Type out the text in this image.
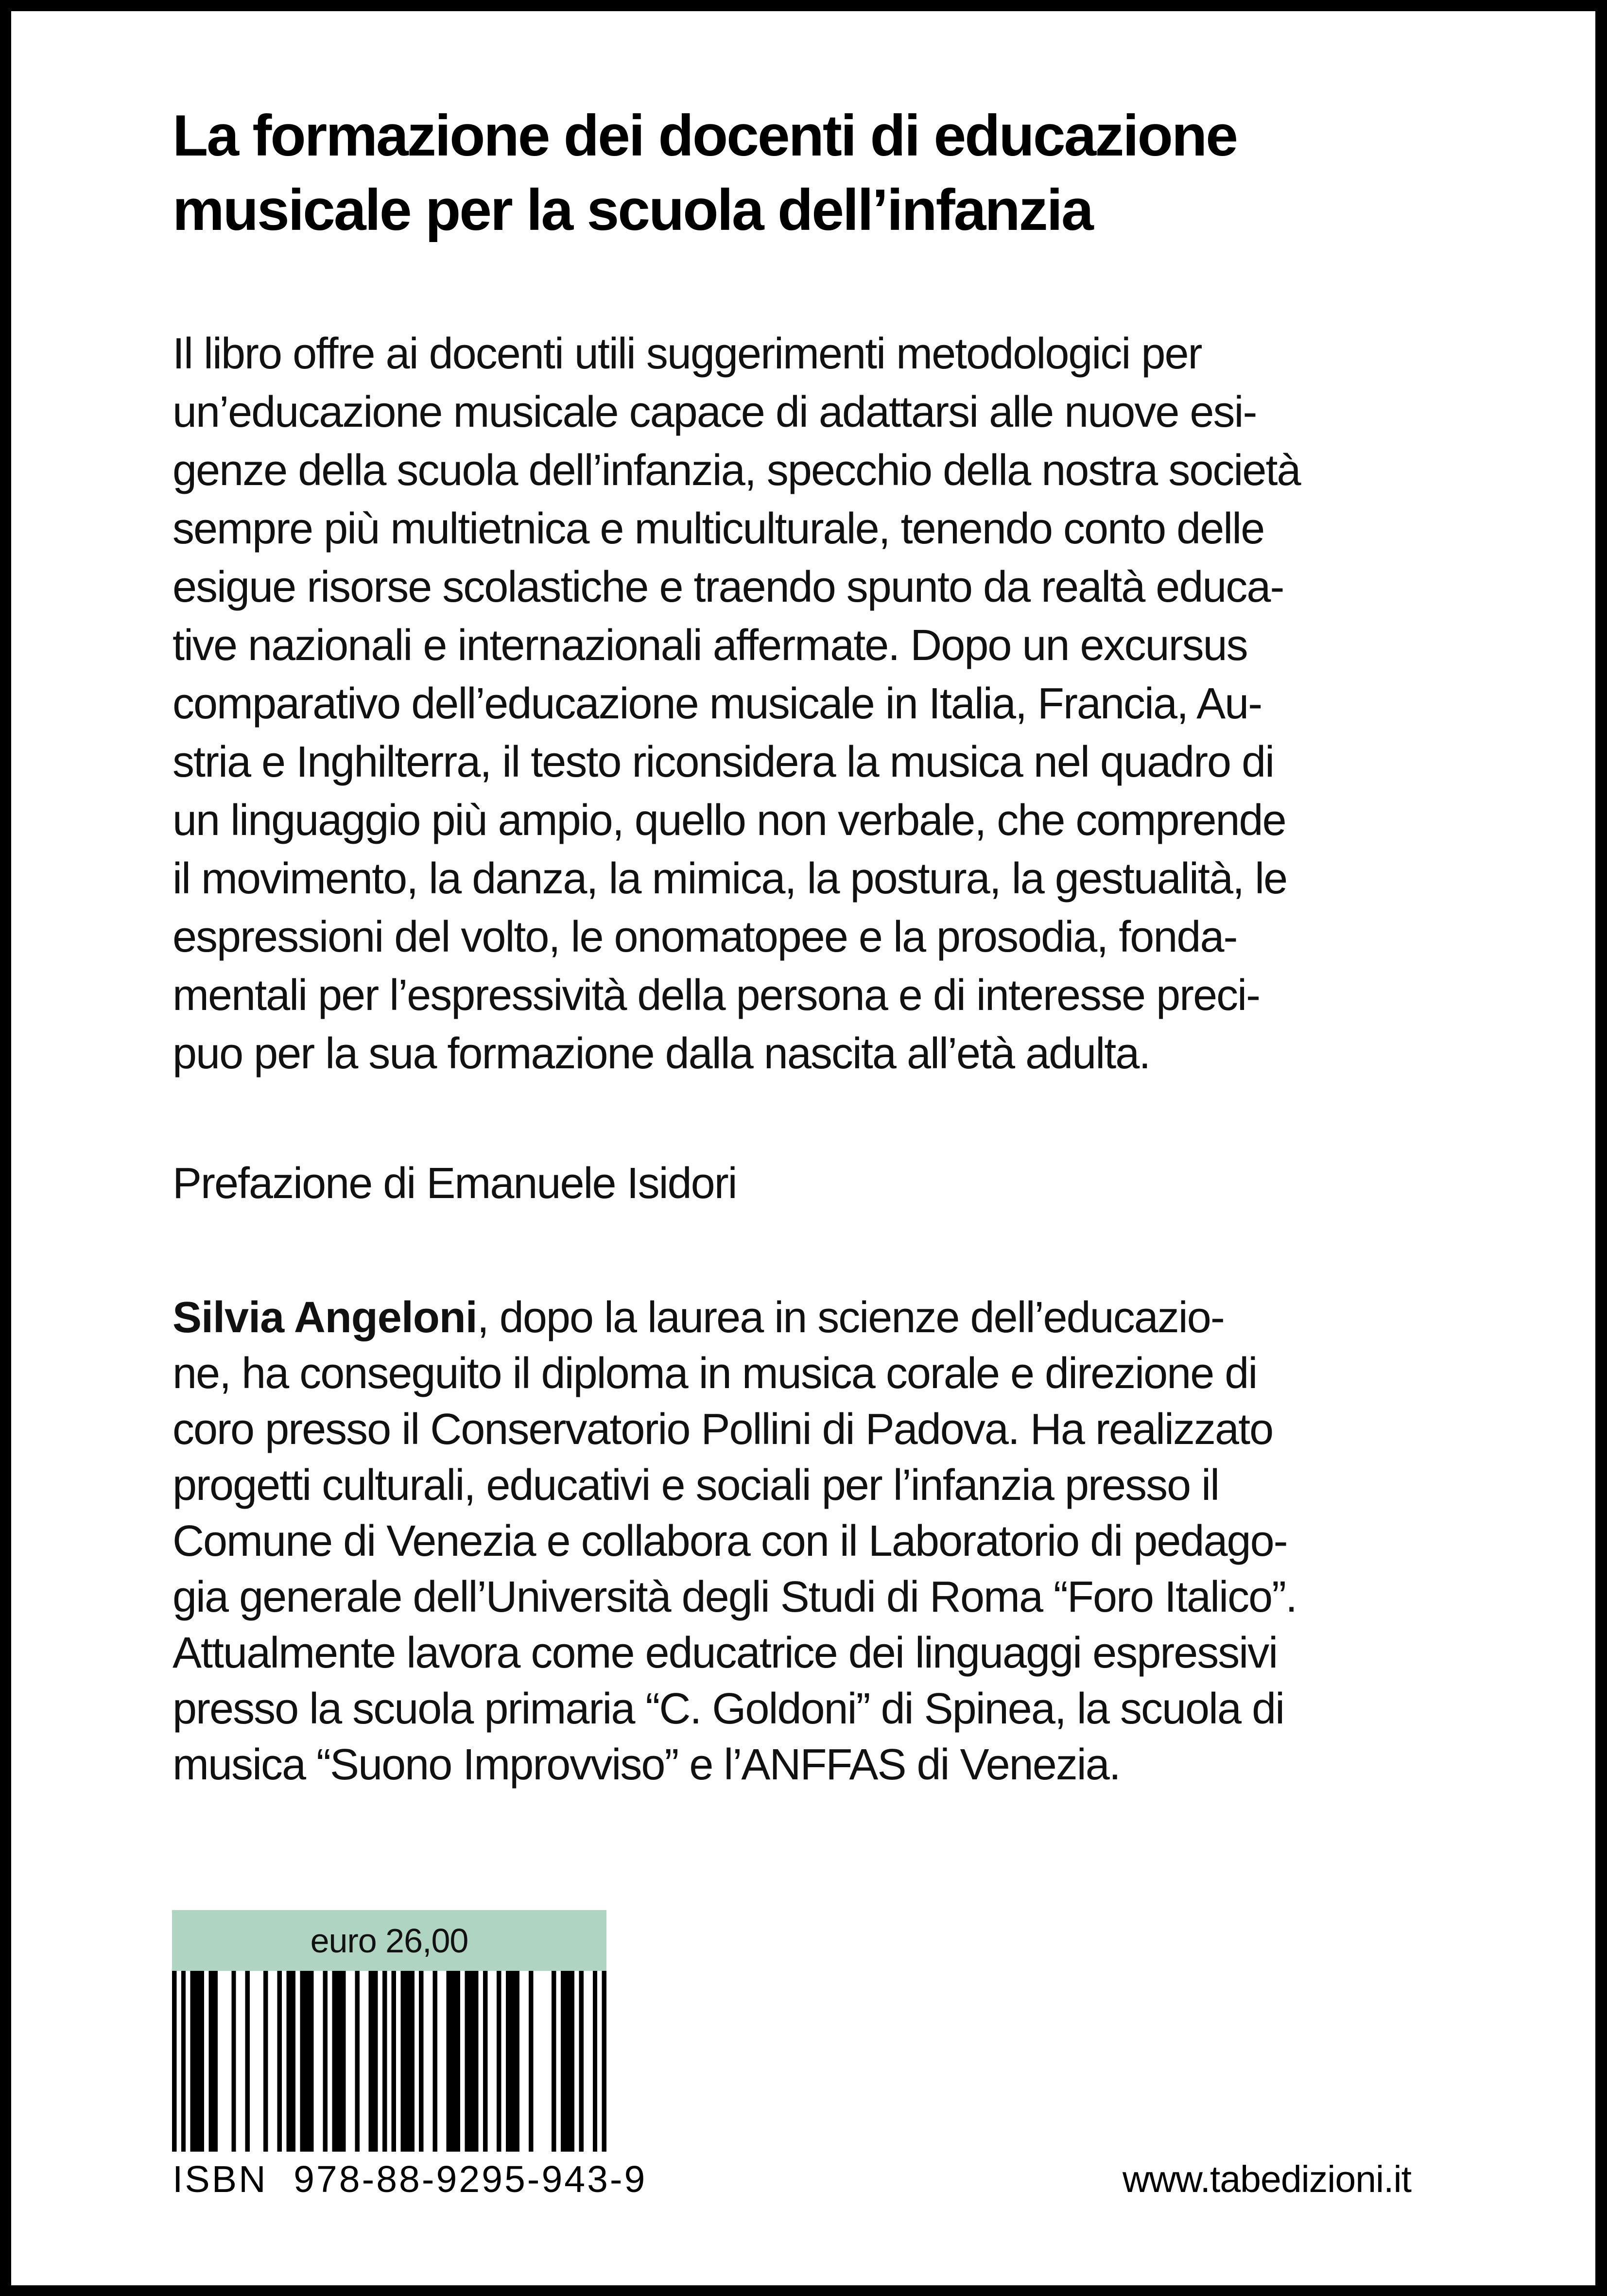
La formazione dei docenti di educazione
musicale per la scuola dell’infanzia
Il libro offre ai docenti utili suggerimenti metodologici per
un’educazione musicale capace di adattarsi alle nuove esi-
genze della scuola dell’infanzia, specchio della nostra società
sempre più multietnica e multiculturale, tenendo conto delle
esigue risorse scolastiche e traendo spunto da realtà educa-
tive nazionali e internazionali affermate. Dopo un excursus
comparativo dell’educazione musicale in Italia, Francia, Au-
stria e Inghilterra, il testo riconsidera la musica nel quadro di
un linguaggio più ampio, quello non verbale, che comprende
il movimento, la danza, la mimica, la postura, la gestualità, le
espressioni del volto, le onomatopee e la prosodia, fonda-
mentali per l’espressività della persona e di interesse preci-
puo per la sua formazione dalla nascita all’età adulta.
Prefazione di Emanuele Isidori
Silvia Angeloni, dopo la laurea in scienze dell’educazio-
ne, ha conseguito il diploma in musica corale e direzione di
coro presso il Conservatorio Pollini di Padova. Ha realizzato
progetti culturali, educativi e sociali per l’infanzia presso il
Comune di Venezia e collabora con il Laboratorio di pedago-
gia generale dell’Università degli Studi di Roma “Foro Italico”.
Attualmente lavora come educatrice dei linguaggi espressivi
presso la scuola primaria “C. Goldoni” di Spinea, la scuola di
musica “Suono Improvviso” e l’ANFFAS di Venezia.
euro 26,00
ISBN 978-88-9295-943-9	www.tabedizioni.it
